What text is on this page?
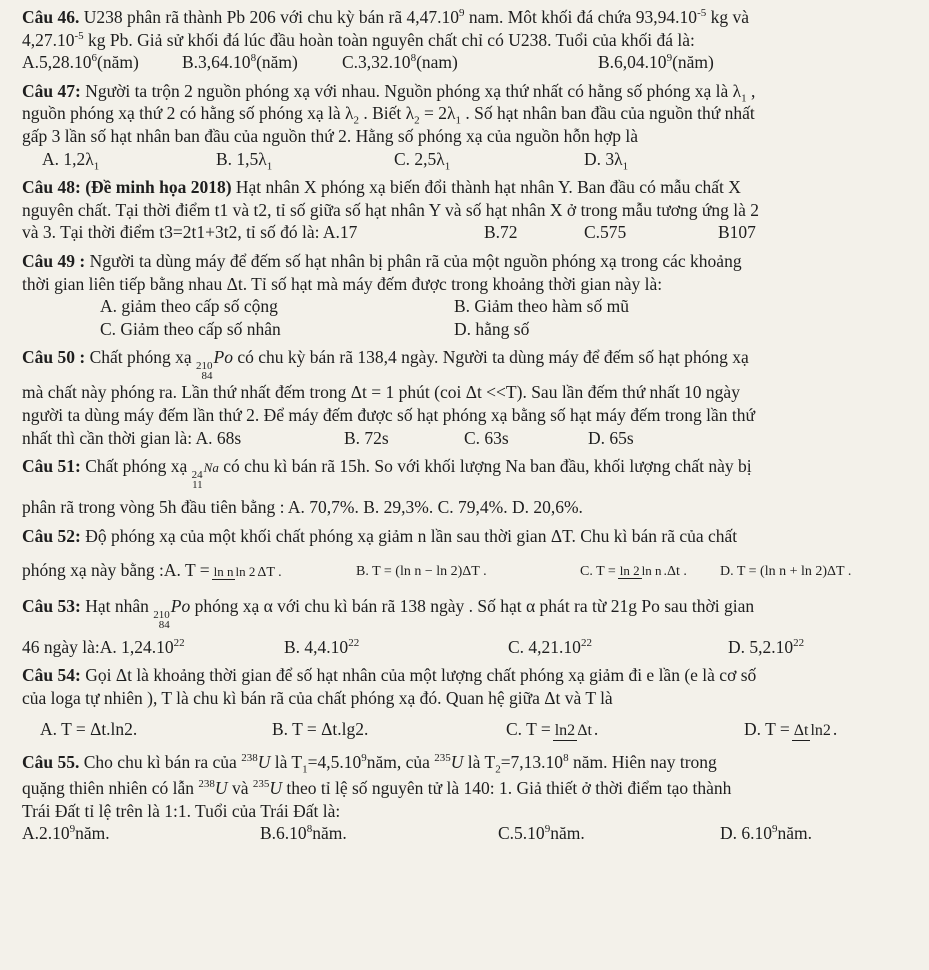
Câu 46. U238 phân rã thành Pb 206 với chu kỳ bán rã 4,47.10$^9$ nam. Môt khối đá chứa $93,94.10^{-5}$ kg và
$4,27.10^{-5}$ kg Pb. Giả sử khối đá lúc đầu hoàn toàn nguyên chất chỉ có U238. Tuổi của khối đá là:
A.5,28.10$^6$(năm)	B.3,64.10$^8$(năm)	C.3,32.10$^8$(nam)	B.6,04.10$^9$(năm)
Câu 47: Người ta trộn 2 nguồn phóng xạ với nhau. Nguồn phóng xạ thứ nhất có hằng số phóng xạ là $\lambda_1$ ,
nguồn phóng xạ thứ 2 có hằng số phóng xạ là $\lambda_2$ . Biết $\lambda_2 = 2\lambda_1$ . Số hạt nhân ban đầu của nguồn thứ nhất
gấp 3 lần số hạt nhân ban đầu của nguồn thứ 2. Hằng số phóng xạ của nguồn hỗn hợp là
A. $1,2\lambda_1$	B. $1,5\lambda_1$	C. $2,5\lambda_1$	D. $3\lambda_1$
Câu 48: (Đề minh họa 2018) Hạt nhân X phóng xạ biến đổi thành hạt nhân Y. Ban đầu có mẫu chất X
nguyên chất. Tại thời điểm t1 và t2, tỉ số giữa số hạt nhân Y và số hạt nhân X ở trong mẫu tương ứng là 2
và 3. Tại thời điểm t3=2t1+3t2, tỉ số đó là: A.17	B.72	C.575	B107
Câu 49 : Người ta dùng máy để đếm số hạt nhân bị phân rã của một nguồn phóng xạ trong các khoảng
thời gian liên tiếp bằng nhau Δt. Tỉ số hạt mà máy đếm được trong khoảng thời gian này là:
A. giảm theo cấp số cộng	B. Giảm theo hàm số mũ
C. Giảm theo cấp số nhân	D. hằng số
Câu 50 : Chất phóng xạ 210
84
Po có chu kỳ bán rã 138,4 ngày. Người ta dùng máy để đếm số hạt phóng xạ
mà chất này phóng ra. Lần thứ nhất đếm trong Δt = 1 phút (coi Δt <<T). Sau lần đếm thứ nhất 10 ngày
người ta dùng máy đếm lần thứ 2. Để máy đếm được số hạt phóng xạ bằng số hạt máy đếm trong lần thứ
nhất thì cần thời gian là: A. 68s	B. 72s	C. 63s	D. 65s
Câu 51: Chất phóng xạ 24
11
Na có chu kì bán rã 15h. So với khối lượng Na ban đầu, khối lượng chất này bị
phân rã trong vòng 5h đầu tiên bằng : A. 70,7%. B. 29,3%. C. 79,4%. D. 20,6%.
Câu 52: Độ phóng xạ của một khối chất phóng xạ giảm n lần sau thời gian ΔT. Chu kì bán rã của chất
phóng xạ này bằng :A. T =ln n ln 2ΔT .	B. T = (ln n − ln 2)ΔT .	C. T =ln 2 ln n.Δt .	D. T = (ln n + ln 2)ΔT .
Câu 53: Hạt nhân 210
84
Po phóng xạ α với chu kì bán rã 138 ngày . Số hạt α phát ra từ 21g Po sau thời gian
46 ngày là:A. 1,24.10$^{22}$	B. 4,4.10$^{22}$	C. 4,21.10$^{22}$	D. 5,2.10$^{22}$
Câu 54: Gọi Δt là khoảng thời gian để số hạt nhân của một lượng chất phóng xạ giảm đi e lần (e là cơ số
của loga tự nhiên ), T là chu kì bán rã của chất phóng xạ đó. Quan hệ giữa Δt và T là
A. T = Δt.ln2.	B. T = Δt.lg2.	C. T =ln2 Δt.	D. T =Δt ln2.
Câu 55. Cho chu kì bán ra của $^{238}$U là $T_1=4,5.10^9năm$, của $^{235}$U là $T_2=7,13.10^8$ năm. Hiên nay trong
quặng thiên nhiên có lẫn $^{238}$U và $^{235}$U theo tỉ lệ số nguyên tử là 140: 1. Giả thiết ở thời điểm tạo thành
Trái Đất tỉ lệ trên là 1:1. Tuổi của Trái Đất là:
A.2.10$^9$năm.	B.6.10$^8$năm.	C.5.10$^9$năm.	D. 6.10$^9$năm.
